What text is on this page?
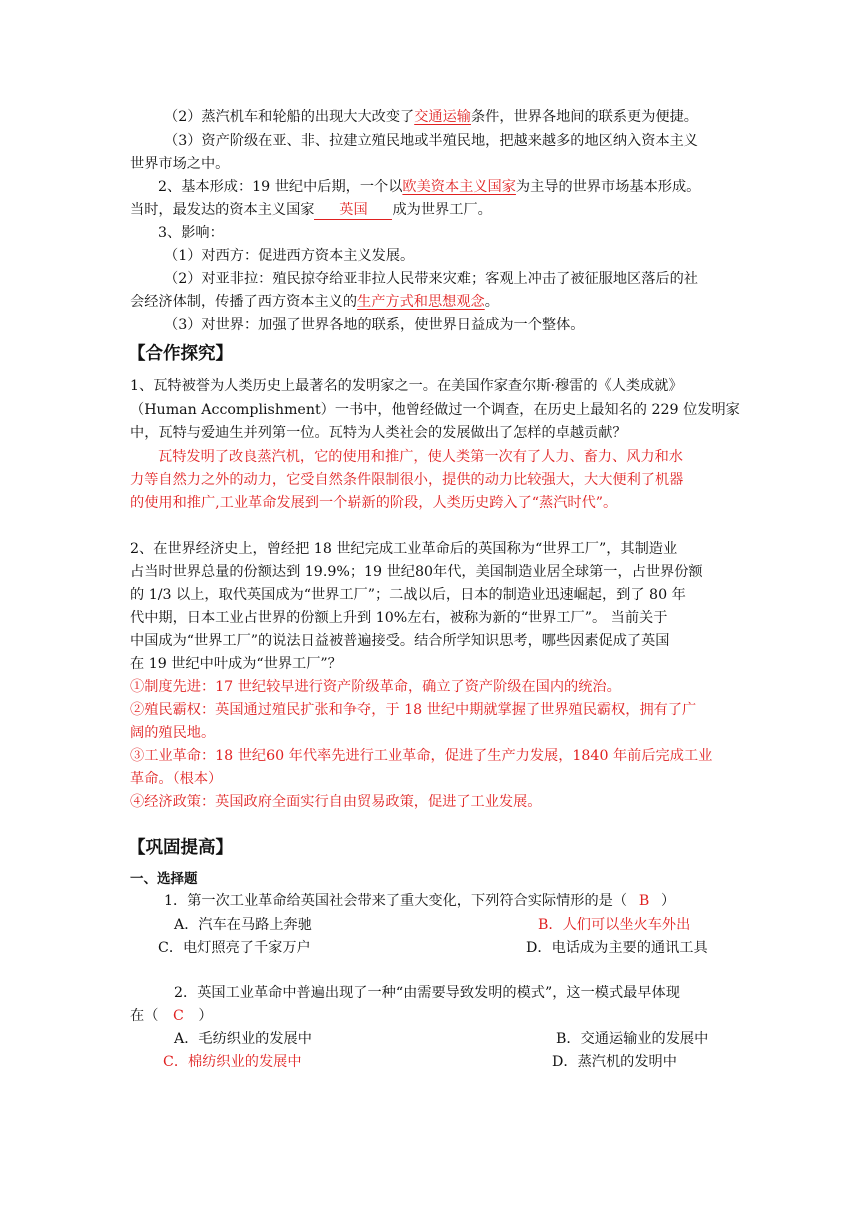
（2）蒸汽机车和轮船的出现大大改变了交通运输条件，世界各地间的联系更为便捷。
（3）资产阶级在亚、非、拉建立殖民地或半殖民地，把越来越多的地区纳入资本主义
世界市场之中。
2、基本形成：19 世纪中后期，一个以欧美资本主义国家为主导的世界市场基本形成。
当时，最发达的资本主义国家 英国 成为世界工厂。
3、影响：
（1）对西方：促进西方资本主义发展。
（2）对亚非拉：殖民掠夺给亚非拉人民带来灾难；客观上冲击了被征服地区落后的社
会经济体制，传播了西方资本主义的生产方式和思想观念。
（3）对世界：加强了世界各地的联系，使世界日益成为一个整体。
【合作探究】
1、瓦特被誉为人类历史上最著名的发明家之一。在美国作家查尔斯·穆雷的《人类成就》
（Human Accomplishment）一书中，他曾经做过一个调查，在历史上最知名的 229 位发明家
中，瓦特与爱迪生并列第一位。瓦特为人类社会的发展做出了怎样的卓越贡献？
瓦特发明了改良蒸汽机，它的使用和推广，使人类第一次有了人力、畜力、风力和水
力等自然力之外的动力，它受自然条件限制很小，提供的动力比较强大，大大便利了机器
的使用和推广,工业革命发展到一个崭新的阶段，人类历史跨入了“蒸汽时代”。
2、在世界经济史上，曾经把 18 世纪完成工业革命后的英国称为“世界工厂”，其制造业
占当时世界总量的份额达到 19.9%；19 世纪80年代，美国制造业居全球第一，占世界份额
的 1/3 以上，取代英国成为“世界工厂”；二战以后，日本的制造业迅速崛起，到了 80 年
代中期，日本工业占世界的份额上升到 10%左右，被称为新的“世界工厂”。 当前关于
中国成为“世界工厂”的说法日益被普遍接受。结合所学知识思考，哪些因素促成了英国
在 19 世纪中叶成为“世界工厂”？
①制度先进：17 世纪较早进行资产阶级革命，确立了资产阶级在国内的统治。
②殖民霸权：英国通过殖民扩张和争夺，于 18 世纪中期就掌握了世界殖民霸权，拥有了广
阔的殖民地。
③工业革命：18 世纪60 年代率先进行工业革命，促进了生产力发展，1840 年前后完成工业
革命。（根本）
④经济政策：英国政府全面实行自由贸易政策，促进了工业发展。
【巩固提高】
一、选择题
1．第一次工业革命给英国社会带来了重大变化，下列符合实际情形的是（ B ）
A．汽车在马路上奔驰	B．人们可以坐火车外出
C．电灯照亮了千家万户	D．电话成为主要的通讯工具
2．英国工业革命中普遍出现了一种“由需要导致发明的模式”，这一模式最早体现
在（ C ）
A．毛纺织业的发展中	B．交通运输业的发展中
C．棉纺织业的发展中	D．蒸汽机的发明中
